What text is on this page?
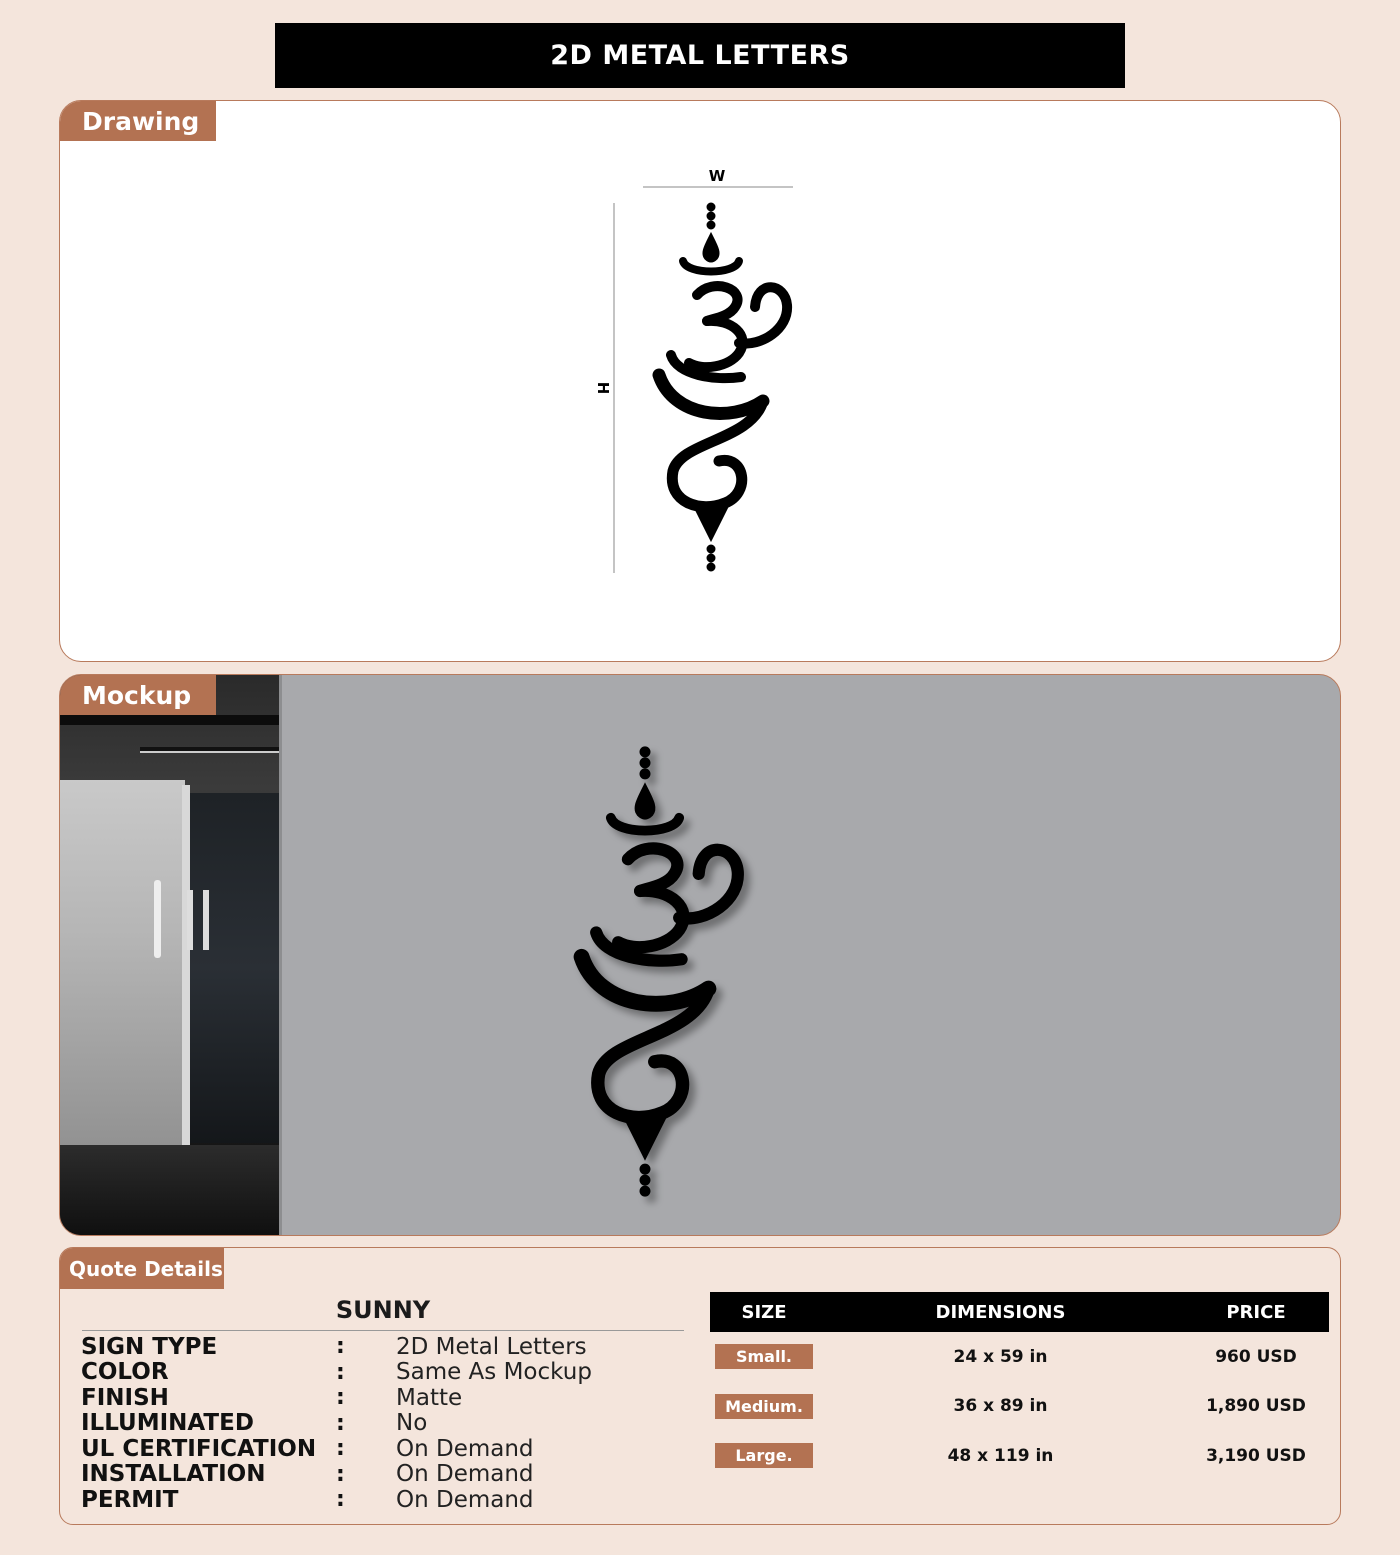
2D METAL LETTERS
Drawing
W
H
Mockup
Quote Details
SUNNY
SIGN TYPE	:	2D Metal Letters
COLOR	:	Same As Mockup
FINISH	:	Matte
ILLUMINATED	:	No
UL CERTIFICATION :	On Demand
INSTALLATION	:	On Demand
PERMIT	:	On Demand
SIZE	DIMENSIONS	PRICE
Small.	24 x 59 in	960 USD
Medium.	36 x 89 in	1,890 USD
Large.	48 x 119 in	3,190 USD
